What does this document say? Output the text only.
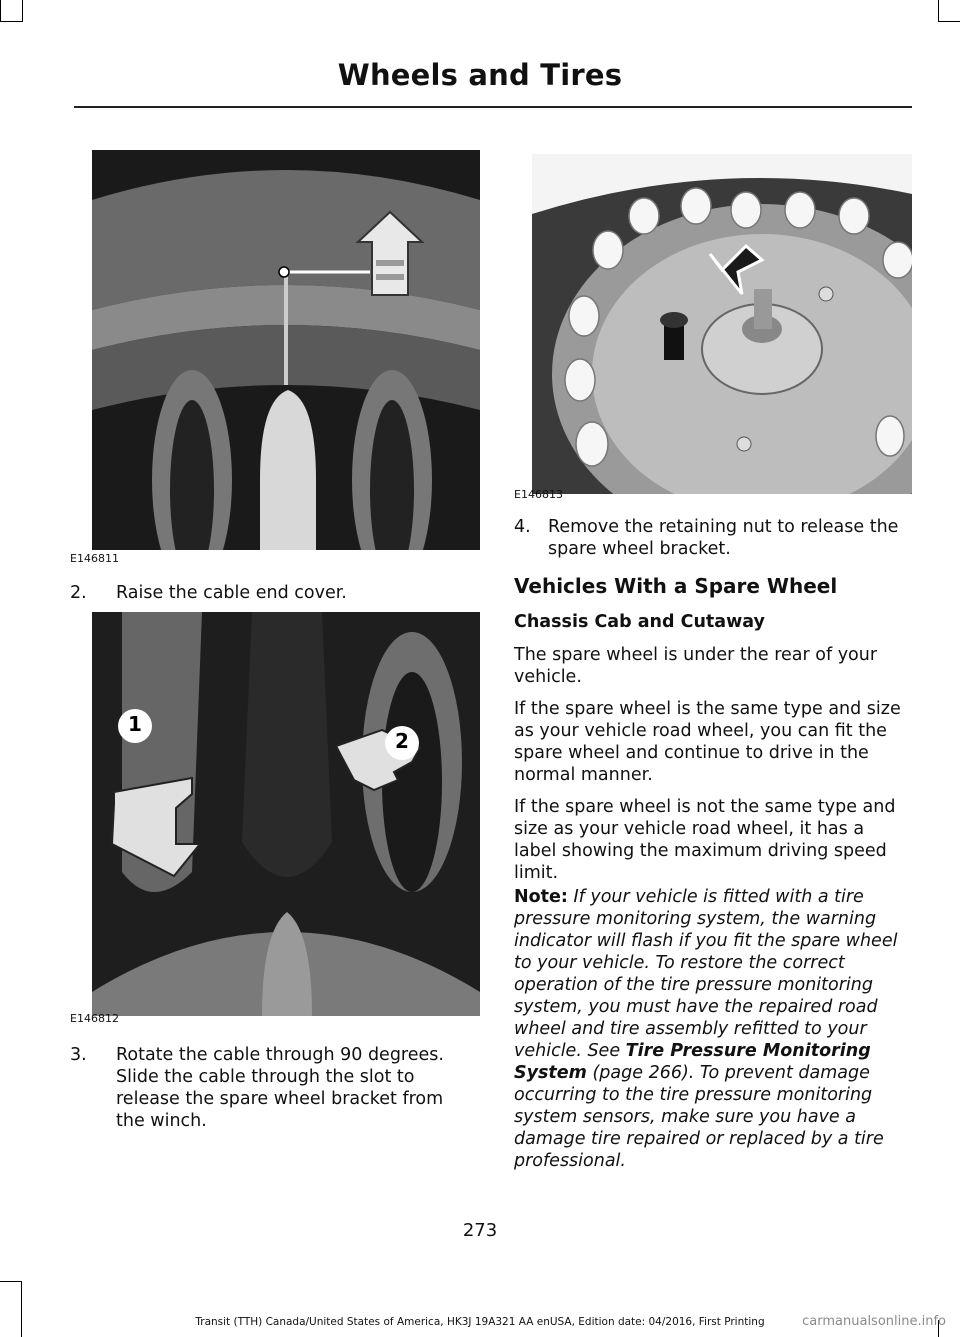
Wheels and Tires
E146811
2. Raise the cable end cover.
1
2
E146812
3. Rotate the cable through 90 degrees. Slide the cable through the slot to release the spare wheel bracket from the winch.
E146813
4. Remove the retaining nut to release the spare wheel bracket.
Vehicles With a Spare Wheel
Chassis Cab and Cutaway
The spare wheel is under the rear of your vehicle.
If the spare wheel is the same type and size as your vehicle road wheel, you can fit the spare wheel and continue to drive in the normal manner.
If the spare wheel is not the same type and size as your vehicle road wheel, it has a label showing the maximum driving speed limit.
Note: If your vehicle is fitted with a tire pressure monitoring system, the warning indicator will flash if you fit the spare wheel to your vehicle. To restore the correct operation of the tire pressure monitoring system, you must have the repaired road wheel and tire assembly refitted to your vehicle. See Tire Pressure Monitoring System (page 266). To prevent damage occurring to the tire pressure monitoring system sensors, make sure you have a damage tire repaired or replaced by a tire professional.
273
Transit (TTH) Canada/United States of America, HK3J 19A321 AA enUSA, Edition date: 04/2016, First Printing	carmanualsonline.info
